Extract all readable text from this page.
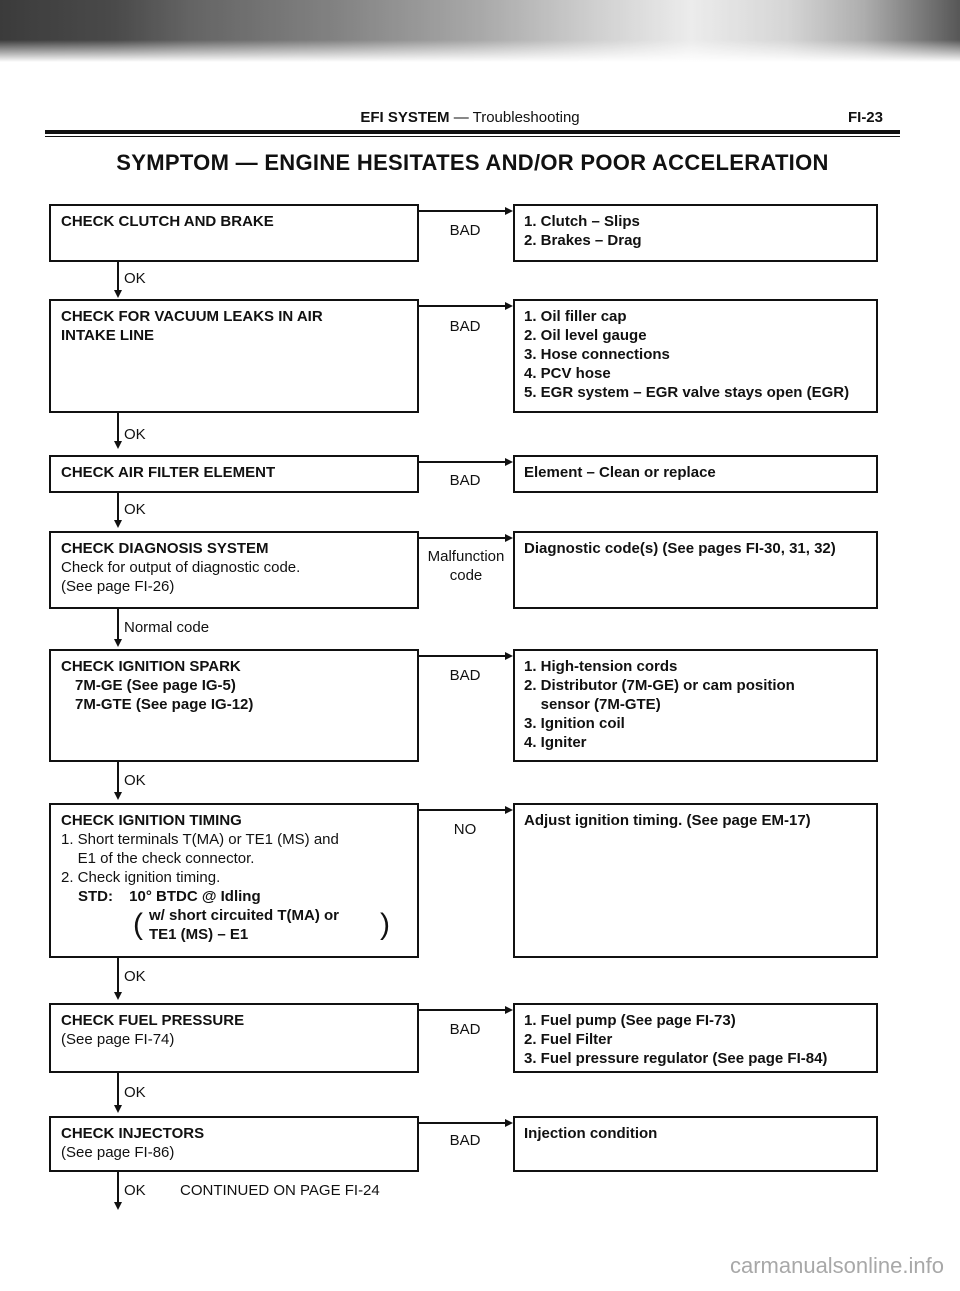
EFI SYSTEM — Troubleshooting	FI-23
SYMPTOM — ENGINE HESITATES AND/OR POOR ACCELERATION
CHECK CLUTCH AND BRAKE
BAD
1. Clutch – Slips
2. Brakes – Drag
OK
CHECK FOR VACUUM LEAKS IN AIR
INTAKE LINE
BAD
1. Oil filler cap
2. Oil level gauge
3. Hose connections
4. PCV hose
5. EGR system – EGR valve stays open (EGR)
OK
CHECK AIR FILTER ELEMENT	BAD	Element – Clean or replace
OK
CHECK DIAGNOSIS SYSTEM
Check for output of diagnostic code.
(See page FI-26)
Malfunction
code
Diagnostic code(s) (See pages FI-30, 31, 32)
Normal code
CHECK IGNITION SPARK
7M-GE (See page IG-5)
7M-GTE (See page IG-12)
BAD
1. High-tension cords
2. Distributor (7M-GE) or cam position
sensor (7M-GTE)
3. Ignition coil
4. Igniter
OK
CHECK IGNITION TIMING
1. Short terminals T(MA) or TE1 (MS) and
E1 of the check connector.
2. Check ignition timing.
STD: 10° BTDC @ Idling
w/ short circuited T(MA) or
TE1 (MS) – E1
(	)
NO
Adjust ignition timing. (See page EM-17)
OK
CHECK FUEL PRESSURE
(See page FI-74)
BAD
1. Fuel pump (See page FI-73)
2. Fuel Filter
3. Fuel pressure regulator (See page FI-84)
OK
CHECK INJECTORS
(See page FI-86)
BAD	Injection condition
OK CONTINUED ON PAGE FI-24
carmanualsonline.info
